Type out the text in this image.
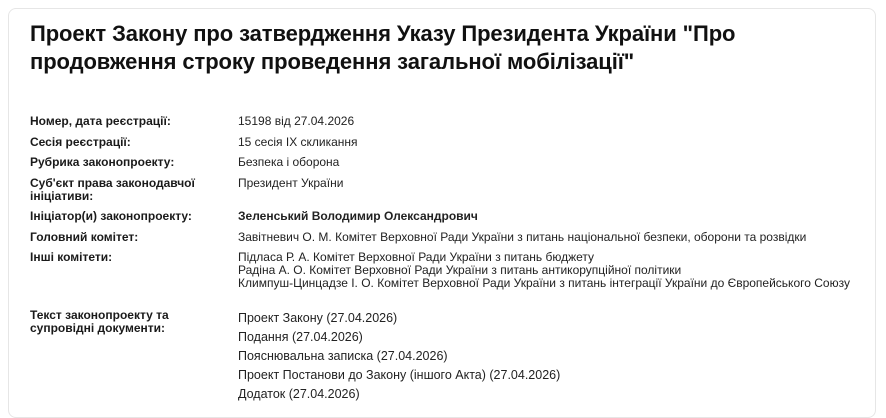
Проект Закону про затвердження Указу Президента України "Про продовження строку проведення загальної мобілізації"
Номер, дата реєстрації:	15198 від 27.04.2026
Сесія реєстрації:	15 сесія IX скликання
Рубрика законопроекту:	Безпека і оборона
Суб'єкт права законодавчої ініціативи:
Президент України
Ініціатор(и) законопроекту:	Зеленський Володимир Олександрович
Головний комітет:	Завітневич О. М. Комітет Верховної Ради України з питань національної безпеки, оборони та розвідки
Інші комітети:	Підласа Р. А. Комітет Верховної Ради України з питань бюджету
Радіна А. О. Комітет Верховної Ради України з питань антикорупційної політики
Климпуш-Цинцадзе І. О. Комітет Верховної Ради України з питань інтеграції України до Європейського Союзу
Текст законопроекту та супровідні документи:
Проект Закону (27.04.2026)
Подання (27.04.2026)
Пояснювальна записка (27.04.2026)
Проект Постанови до Закону (іншого Акта) (27.04.2026)
Додаток (27.04.2026)
